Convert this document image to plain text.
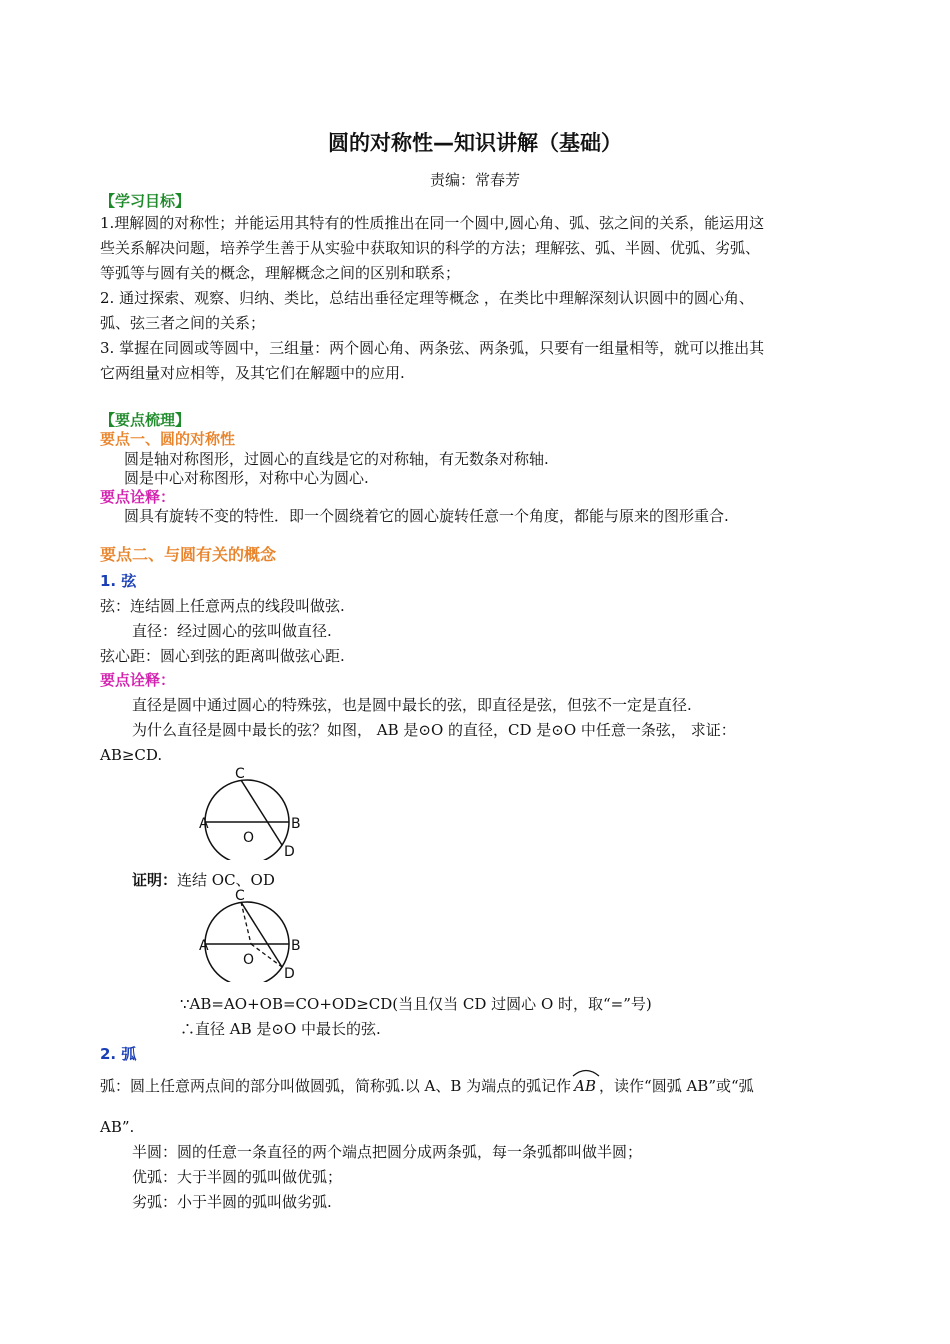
圆的对称性—知识讲解（基础）
责编：常春芳
【学习目标】
1.理解圆的对称性；并能运用其特有的性质推出在同一个圆中,圆心角、弧、弦之间的关系，能运用这
些关系解决问题，培养学生善于从实验中获取知识的科学的方法；理解弦、弧、半圆、优弧、劣弧、
等弧等与圆有关的概念，理解概念之间的区别和联系；
2. 通过探索、观察、归纳、类比，总结出垂径定理等概念 ，在类比中理解深刻认识圆中的圆心角、
弧、弦三者之间的关系；
3. 掌握在同圆或等圆中，三组量：两个圆心角、两条弦、两条弧，只要有一组量相等，就可以推出其
它两组量对应相等，及其它们在解题中的应用.
【要点梳理】
要点一、圆的对称性
圆是轴对称图形，过圆心的直线是它的对称轴，有无数条对称轴.
圆是中心对称图形，对称中心为圆心.
要点诠释：
圆具有旋转不变的特性．即一个圆绕着它的圆心旋转任意一个角度，都能与原来的图形重合.
要点二、与圆有关的概念
1. 弦
弦：连结圆上任意两点的线段叫做弦.
直径：经过圆心的弦叫做直径.
弦心距：圆心到弦的距离叫做弦心距.
要点诠释：
直径是圆中通过圆心的特殊弦，也是圆中最长的弦，即直径是弦，但弦不一定是直径.
为什么直径是圆中最长的弦？如图， AB 是⊙O 的直径，CD 是⊙O 中任意一条弦， 求证：
AB≥CD.
A	B
C
D
O
证明：连结 OC、OD
A	B
C
D
O
∵AB=AO+OB=CO+OD≥CD(当且仅当 CD 过圆心 O 时，取“=”号)
∴直径 AB 是⊙O 中最长的弦.
2. 弧
弧：圆上任意两点间的部分叫做圆弧，简称弧.以 A、B 为端点的弧记作 AB ，读作“圆弧 AB”或“弧
AB”.
半圆：圆的任意一条直径的两个端点把圆分成两条弧，每一条弧都叫做半圆；
优弧：大于半圆的弧叫做优弧；
劣弧：小于半圆的弧叫做劣弧.
